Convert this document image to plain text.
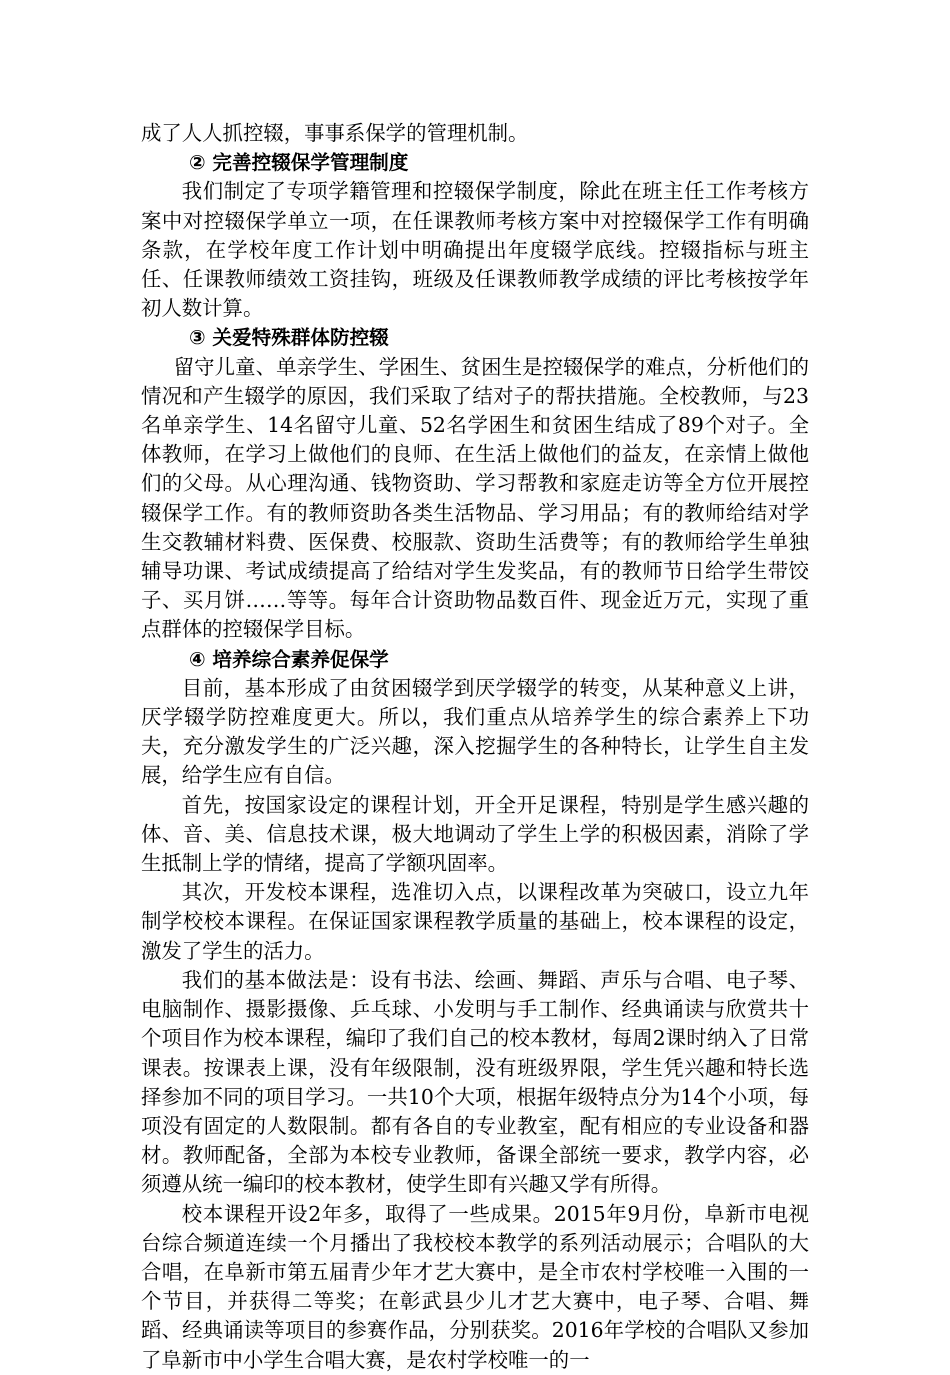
成了人人抓控辍，事事系保学的管理机制。

② 完善控辍保学管理制度

我们制定了专项学籍管理和控辍保学制度，除此在班主任工作考核方案中对控辍保学单立一项，在任课教师考核方案中对控辍保学工作有明确条款，在学校年度工作计划中明确提出年度辍学底线。控辍指标与班主任、任课教师绩效工资挂钩，班级及任课教师教学成绩的评比考核按学年初人数计算。

③ 关爱特殊群体防控辍

留守儿童、单亲学生、学困生、贫困生是控辍保学的难点，分析他们的情况和产生辍学的原因，我们采取了结对子的帮扶措施。全校教师，与23名单亲学生、14名留守儿童、52名学困生和贫困生结成了89个对子。全体教师，在学习上做他们的良师、在生活上做他们的益友，在亲情上做他们的父母。从心理沟通、钱物资助、学习帮教和家庭走访等全方位开展控辍保学工作。有的教师资助各类生活物品、学习用品；有的教师给结对学生交教辅材料费、医保费、校服款、资助生活费等；有的教师给学生单独辅导功课、考试成绩提高了给结对学生发奖品，有的教师节日给学生带饺子、买月饼……等等。每年合计资助物品数百件、现金近万元，实现了重点群体的控辍保学目标。

④ 培养综合素养促保学

目前，基本形成了由贫困辍学到厌学辍学的转变，从某种意义上讲，厌学辍学防控难度更大。所以，我们重点从培养学生的综合素养上下功夫，充分激发学生的广泛兴趣，深入挖掘学生的各种特长，让学生自主发展，给学生应有自信。

首先，按国家设定的课程计划，开全开足课程，特别是学生感兴趣的体、音、美、信息技术课，极大地调动了学生上学的积极因素，消除了学生抵制上学的情绪，提高了学额巩固率。

其次，开发校本课程，选准切入点，以课程改革为突破口，设立九年制学校校本课程。在保证国家课程教学质量的基础上，校本课程的设定，激发了学生的活力。

我们的基本做法是：设有书法、绘画、舞蹈、声乐与合唱、电子琴、电脑制作、摄影摄像、乒乓球、小发明与手工制作、经典诵读与欣赏共十个项目作为校本课程，编印了我们自己的校本教材，每周2课时纳入了日常课表。按课表上课，没有年级限制，没有班级界限，学生凭兴趣和特长选择参加不同的项目学习。一共10个大项，根据年级特点分为14个小项，每项没有固定的人数限制。都有各自的专业教室，配有相应的专业设备和器材。教师配备，全部为本校专业教师，备课全部统一要求，教学内容，必须遵从统一编印的校本教材，使学生即有兴趣又学有所得。

校本课程开设2年多，取得了一些成果。2015年9月份，阜新市电视台综合频道连续一个月播出了我校校本教学的系列活动展示；合唱队的大合唱，在阜新市第五届青少年才艺大赛中，是全市农村学校唯一入围的一个节目，并获得二等奖；在彰武县少儿才艺大赛中，电子琴、合唱、舞蹈、经典诵读等项目的参赛作品，分别获奖。2016年学校的合唱队又参加了阜新市中小学生合唱大赛，是农村学校唯一的一
